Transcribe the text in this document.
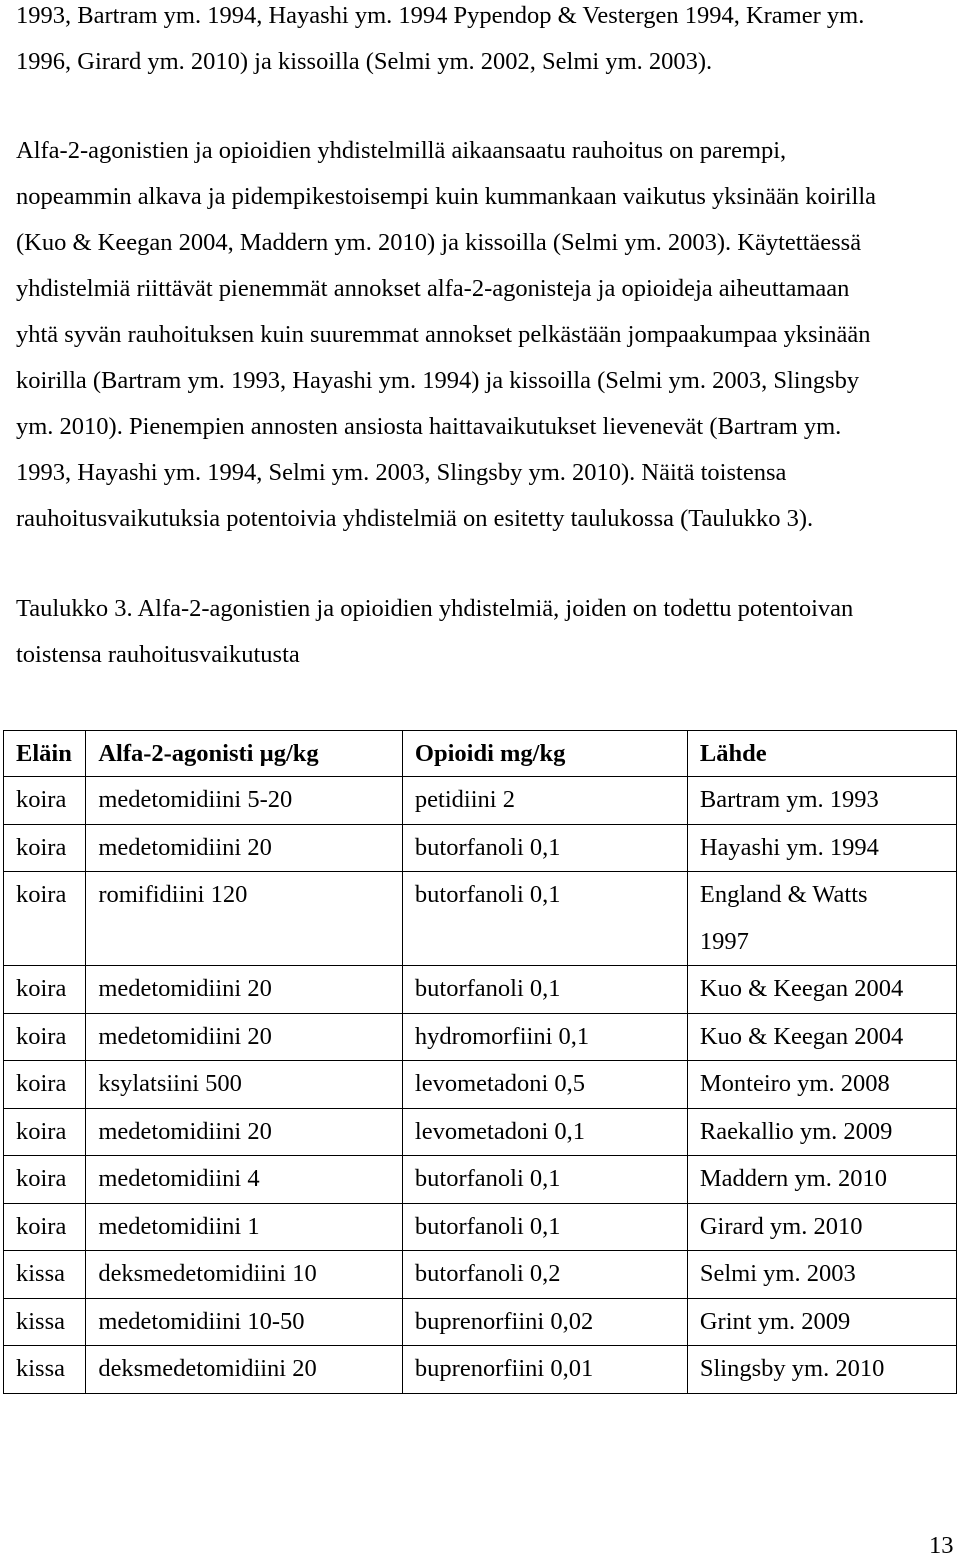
1993, Bartram ym. 1994, Hayashi ym. 1994 Pypendop & Vestergen 1994, Kramer ym.
1996, Girard ym. 2010) ja kissoilla (Selmi ym. 2002, Selmi ym. 2003).
Alfa-2-agonistien ja opioidien yhdistelmillä aikaansaatu rauhoitus on parempi,
nopeammin alkava ja pidempikestoisempi kuin kummankaan vaikutus yksinään koirilla
(Kuo & Keegan 2004, Maddern ym. 2010) ja kissoilla (Selmi ym. 2003). Käytettäessä
yhdistelmiä riittävät pienemmät annokset alfa-2-agonisteja ja opioideja aiheuttamaan
yhtä syvän rauhoituksen kuin suuremmat annokset pelkästään jompaakumpaa yksinään
koirilla (Bartram ym. 1993, Hayashi ym. 1994) ja kissoilla (Selmi ym. 2003, Slingsby
ym. 2010). Pienempien annosten ansiosta haittavaikutukset lievenevät (Bartram ym.
1993, Hayashi ym. 1994, Selmi ym. 2003, Slingsby ym. 2010). Näitä toistensa
rauhoitusvaikutuksia potentoivia yhdistelmiä on esitetty taulukossa (Taulukko 3).
Taulukko 3. Alfa-2-agonistien ja opioidien yhdistelmiä, joiden on todettu potentoivan
toistensa rauhoitusvaikutusta
Eläin	Alfa-2-agonisti µg/kg	Opioidi mg/kg	Lähde
koira	medetomidiini 5-20	petidiini 2	Bartram ym. 1993
koira	medetomidiini 20	butorfanoli 0,1	Hayashi ym. 1994
koira	romifidiini 120	butorfanoli 0,1	England & Watts
1997

koira	medetomidiini 20	butorfanoli 0,1	Kuo & Keegan 2004
koira	medetomidiini 20	hydromorfiini 0,1	Kuo & Keegan 2004
koira	ksylatsiini 500	levometadoni 0,5	Monteiro ym. 2008
koira	medetomidiini 20	levometadoni 0,1	Raekallio ym. 2009
koira	medetomidiini 4	butorfanoli 0,1	Maddern ym. 2010
koira	medetomidiini 1	butorfanoli 0,1	Girard ym. 2010
kissa	deksmedetomidiini 10	butorfanoli 0,2	Selmi ym. 2003
kissa	medetomidiini 10-50	buprenorfiini 0,02	Grint ym. 2009
kissa	deksmedetomidiini 20	buprenorfiini 0,01	Slingsby ym. 2010
13
